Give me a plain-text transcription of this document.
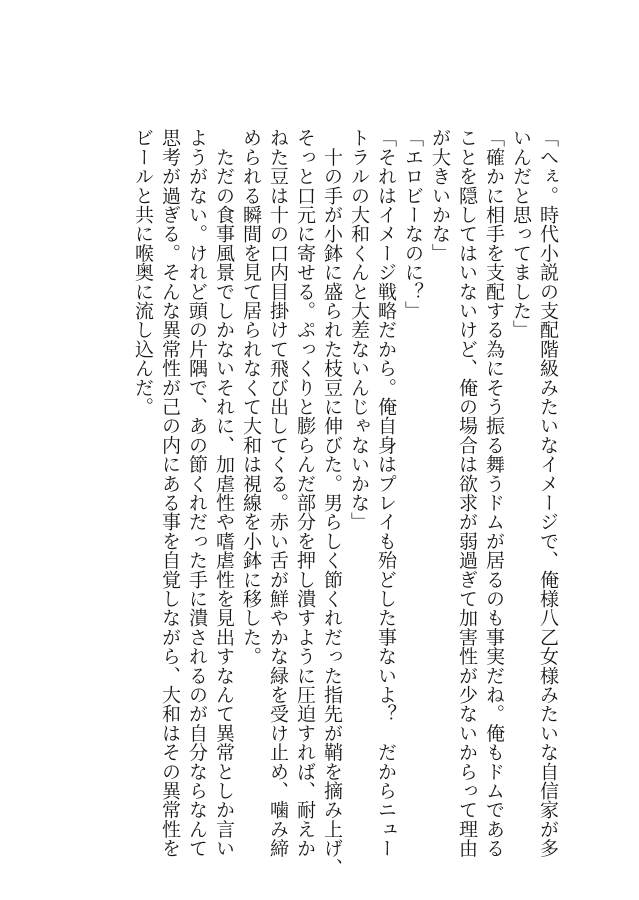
「へぇ。時代小説の支配階級みたいなイメージで、俺様八乙女様みたいな自信家が多
いんだと思ってました」
「確かに相手を支配する為にそう振る舞うドムが居るのも事実だね。俺もドムである
ことを隠してはいないけど、俺の場合は欲求が弱過ぎて加害性が少ないからって理由
が大きいかな」
「エロビーなのに？」
「それはイメージ戦略だから。俺自身はプレイも殆どした事ないよ？　だからニュー
トラルの大和くんと大差ないんじゃないかな」
　十の手が小鉢に盛られた枝豆に伸びた。男らしく節くれだった指先が鞘を摘み上げ、
そっと口元に寄せる。ぷっくりと膨らんだ部分を押し潰すように圧迫すれば、耐えか
ねた豆は十の口内目掛けて飛び出してくる。赤い舌が鮮やかな緑を受け止め、噛み締
められる瞬間を見て居られなくて大和は視線を小鉢に移した。
　ただの食事風景でしかないそれに、加虐性や嗜虐性を見出すなんて異常としか言い
ようがない。けれど頭の片隅で、あの節くれだった手に潰されるのが自分ならなんて
思考が過ぎる。そんな異常性が己の内にある事を自覚しながら、大和はその異常性を
ビールと共に喉奥に流し込んだ。
